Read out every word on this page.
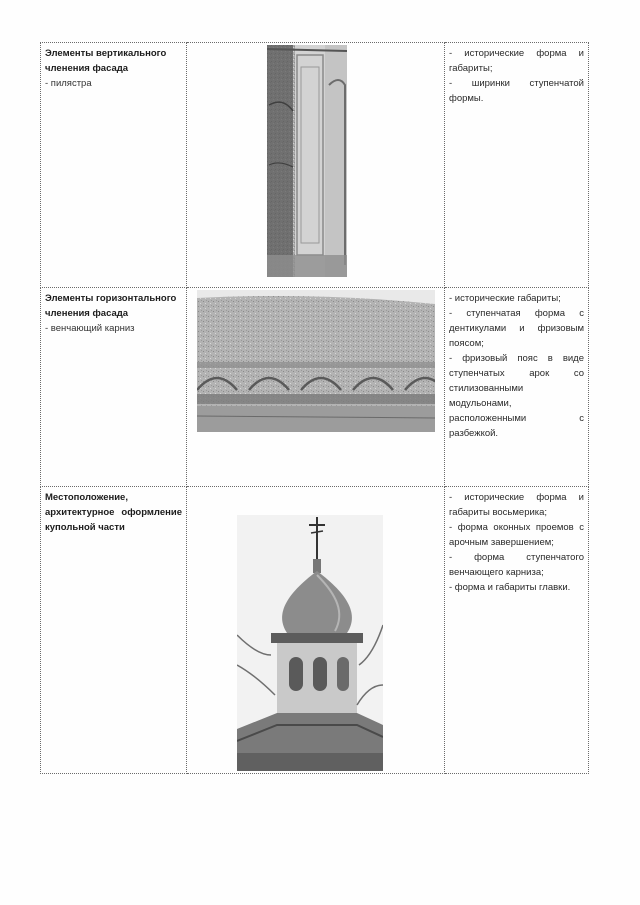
Элементы вертикального членения фасада
- пилястра		- исторические форма и габариты;
- ширинки ступенчатой формы.

Элементы горизонтального членения фасада
- венчающий карниз		- исторические габариты;
- ступенчатая форма с дентикулами и фризовым поясом;
- фризовый пояс в виде ступенчатых арок со стилизованными модульонами, расположенными с разбежкой.

Местоположение, архитектурное оформление купольной части		- исторические форма и габариты восьмерика;
- форма оконных проемов с арочным завершением;
- форма ступенчатого венчающего карниза;
- форма и габариты главки.
